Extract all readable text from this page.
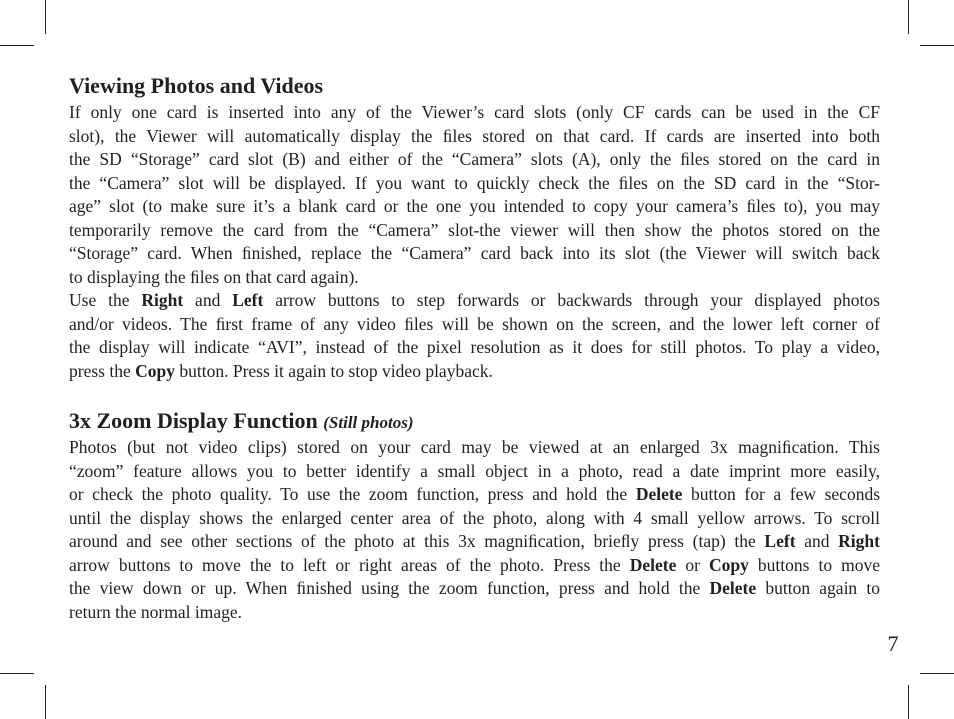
Viewing Photos and Videos

If only one card is inserted into any of the Viewer’s card slots (only CF cards can be used in the CF
slot), the Viewer will automatically display the ﬁles stored on that card. If cards are inserted into both
the SD “Storage” card slot (B) and either of the “Camera” slots (A), only the ﬁles stored on the card in
the “Camera” slot will be displayed. If you want to quickly check the ﬁles on the SD card in the “Stor-
age” slot (to make sure it’s a blank card or the one you intended to copy your camera’s ﬁles to), you may
temporarily remove the card from the “Camera” slot-the viewer will then show the photos stored on the
“Storage” card. When ﬁnished, replace the “Camera” card back into its slot (the Viewer will switch back
to displaying the ﬁles on that card again).

Use the Right and Left arrow buttons to step forwards or backwards through your displayed photos
and/or videos. The ﬁrst frame of any video ﬁles will be shown on the screen, and the lower left corner of
the display will indicate “AVI”, instead of the pixel resolution as it does for still photos. To play a video,
press the Copy button. Press it again to stop video playback.

3x Zoom Display Function (Still photos)

Photos (but not video clips) stored on your card may be viewed at an enlarged 3x magniﬁcation. This
“zoom” feature allows you to better identify a small object in a photo, read a date imprint more easily,
or check the photo quality. To use the zoom function, press and hold the Delete button for a few seconds
until the display shows the enlarged center area of the photo, along with 4 small yellow arrows. To scroll
around and see other sections of the photo at this 3x magniﬁcation, brieﬂy press (tap) the Left and Right
arrow buttons to move the to left or right areas of the photo. Press the Delete or Copy buttons to move
the view down or up. When ﬁnished using the zoom function, press and hold the Delete button again to
return the normal image.

7
